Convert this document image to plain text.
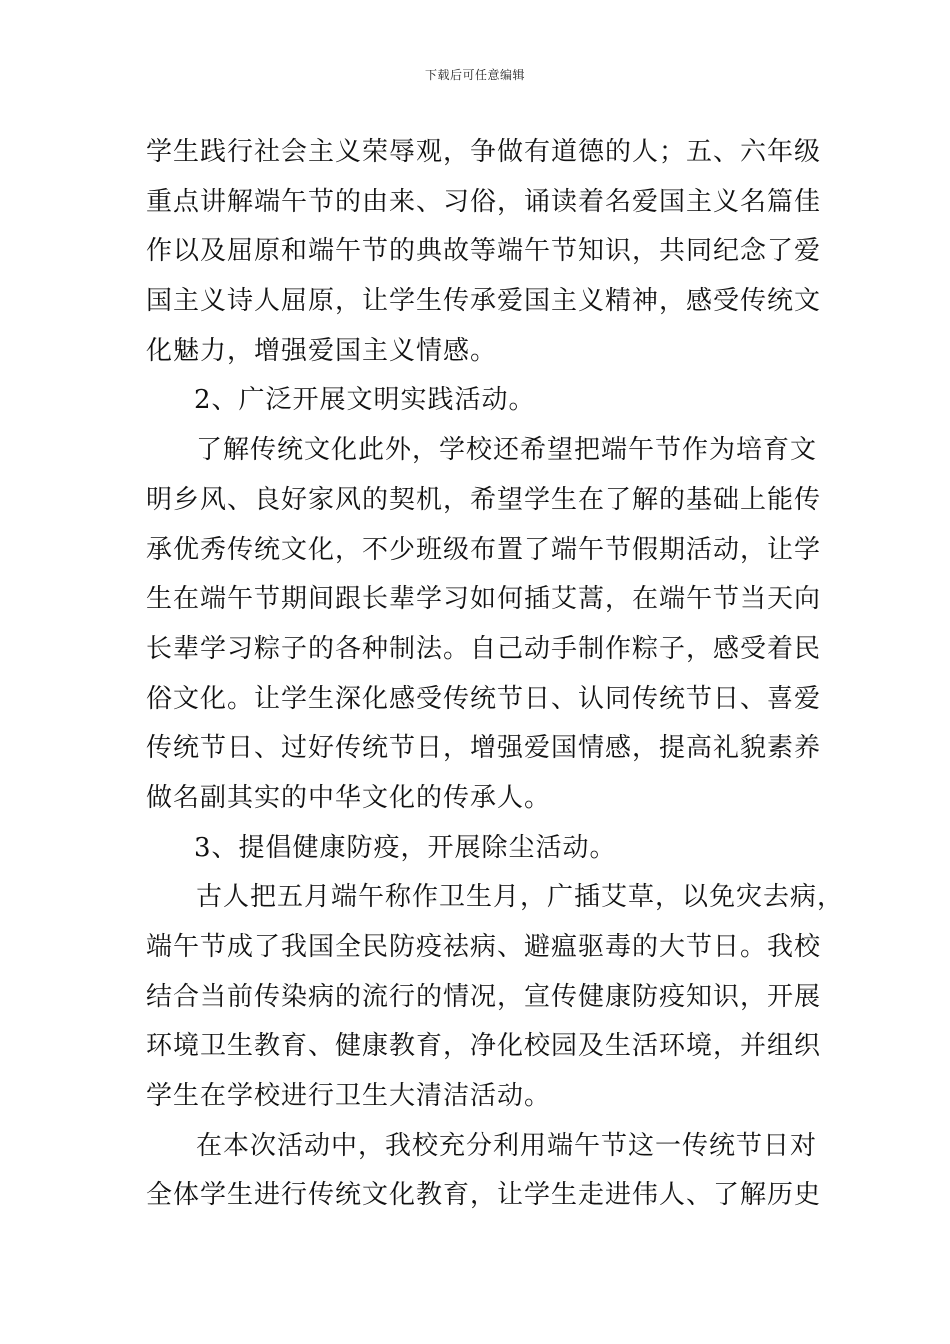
下载后可任意编辑
学生践行社会主义荣辱观，争做有道德的人；五、六年级
重点讲解端午节的由来、习俗，诵读着名爱国主义名篇佳
作以及屈原和端午节的典故等端午节知识，共同纪念了爱
国主义诗人屈原，让学生传承爱国主义精神，感受传统文
化魅力，增强爱国主义情感。
2、广泛开展文明实践活动。
了解传统文化此外，学校还希望把端午节作为培育文
明乡风、良好家风的契机，希望学生在了解的基础上能传
承优秀传统文化，不少班级布置了端午节假期活动，让学
生在端午节期间跟长辈学习如何插艾蒿，在端午节当天向
长辈学习粽子的各种制法。自己动手制作粽子，感受着民
俗文化。让学生深化感受传统节日、认同传统节日、喜爱
传统节日、过好传统节日，增强爱国情感，提高礼貌素养
做名副其实的中华文化的传承人。
3、提倡健康防疫，开展除尘活动。
古人把五月端午称作卫生月，广插艾草，以免灾去病，
端午节成了我国全民防疫祛病、避瘟驱毒的大节日。我校
结合当前传染病的流行的情况，宣传健康防疫知识，开展
环境卫生教育、健康教育，净化校园及生活环境，并组织
学生在学校进行卫生大清洁活动。
在本次活动中，我校充分利用端午节这一传统节日对
全体学生进行传统文化教育，让学生走进伟人、了解历史
